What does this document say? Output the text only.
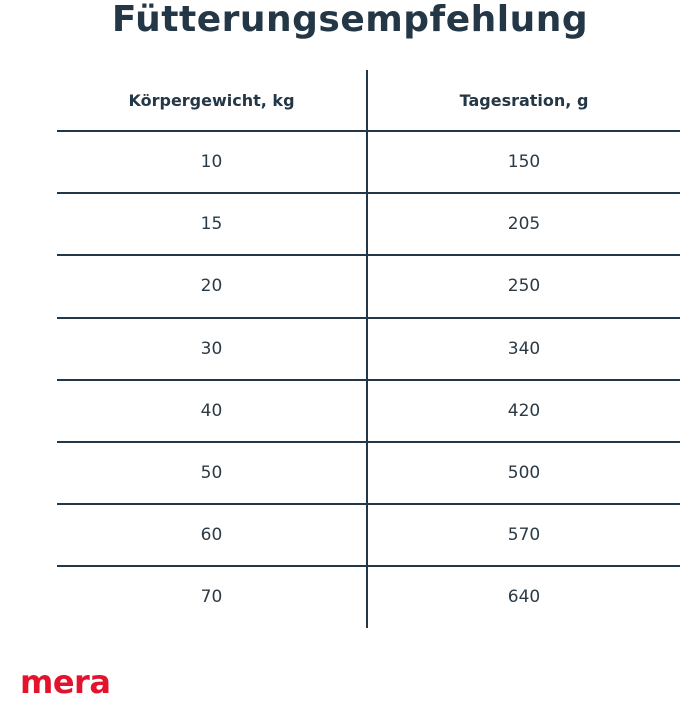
Fütterungsempfehlung
Körpergewicht, kg	Tagesration, g
10	150
15	205
20	250
30	340
40	420
50	500
60	570
70	640
mera
